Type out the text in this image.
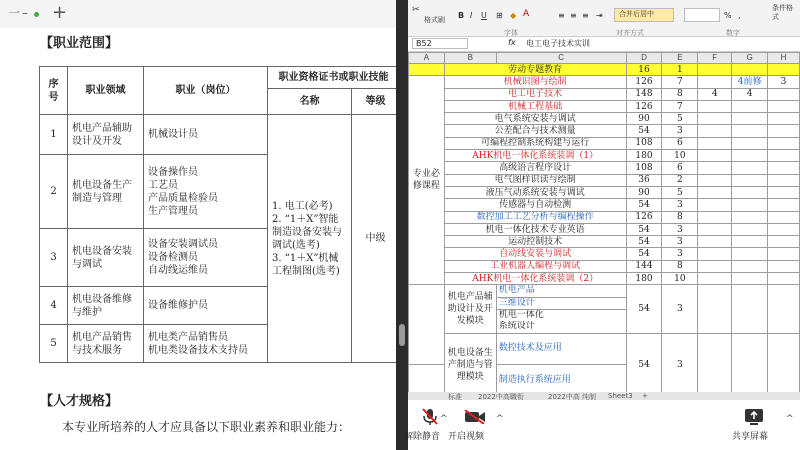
一 – +
【职业范围】
序号	职业领域	职业（岗位）	职业资格证书或职业技能	
			名称	等级
1	机电产品辅助设计及开发	机械设计员	1. 电工(必考)
2. “1＋X”智能制造设备安装与调试(选考)
3. “1＋X”机械工程制图(选考)	中级
2	机电设备生产制造与管理	设备操作员
工艺员
产品质量检验员
生产管理员		

3	机电设备安装与调试	设备安装调试员
设备检测员
自动线运维员		

4	机电设备维修与维护	设备维修护员		

5	机电产品销售与技术服务	机电类产品销售员
机电类设备技术支持员		
【人才规格】
本专业所培养的人才应具备以下职业素养和职业能力：
✂
格式刷 B I U ⊞ ◆ A	≡ ≡ ≡ ⇥ 合并后居中	% ,
条件格式
字体	对齐方式	数字
B52	fx 电工电子技术实训
A	B	C	D	E	F	G	H
	劳动专题教育		16	1			
专业必修课程	机械识图与绘制		126	7		4前修	3
	电工电子技术		148	8	4	4	
	机械工程基础		126	7			
	电气系统安装与调试		90	5			
	公差配合与技术测量		54	3			
	可编程控制系统构建与运行		108	6			
	AHK机电一体化系统装调（1）		180	10			
	高级语言程序设计		108	6			
	电气图样识读与绘制		36	2			
	液压气动系统安装与调试		90	5			
	传感器与自动检测		54	3			
	数控加工工艺分析与编程操作		126	8			
	机电一体化技术专业英语		54	3			
	运动控制技术		54	3			
	自动线安装与调试		54	3			
	工业机器人编程与调试		144	8			
	AHK机电一体化系统装调（2）		180	10			
	机电产品辅助设计及开发模块	机电产品	54	3			
		三维设计					
		机电一体化					
		系统设计					
	机电设备生产制造与管理模块	数控技术及应用	54	3			
		制造执行系统应用					
标准 2022中高職衔	2022中高 纯制 Sheet3 +
解除静音
^
开启视频
^
共享屏幕
^
